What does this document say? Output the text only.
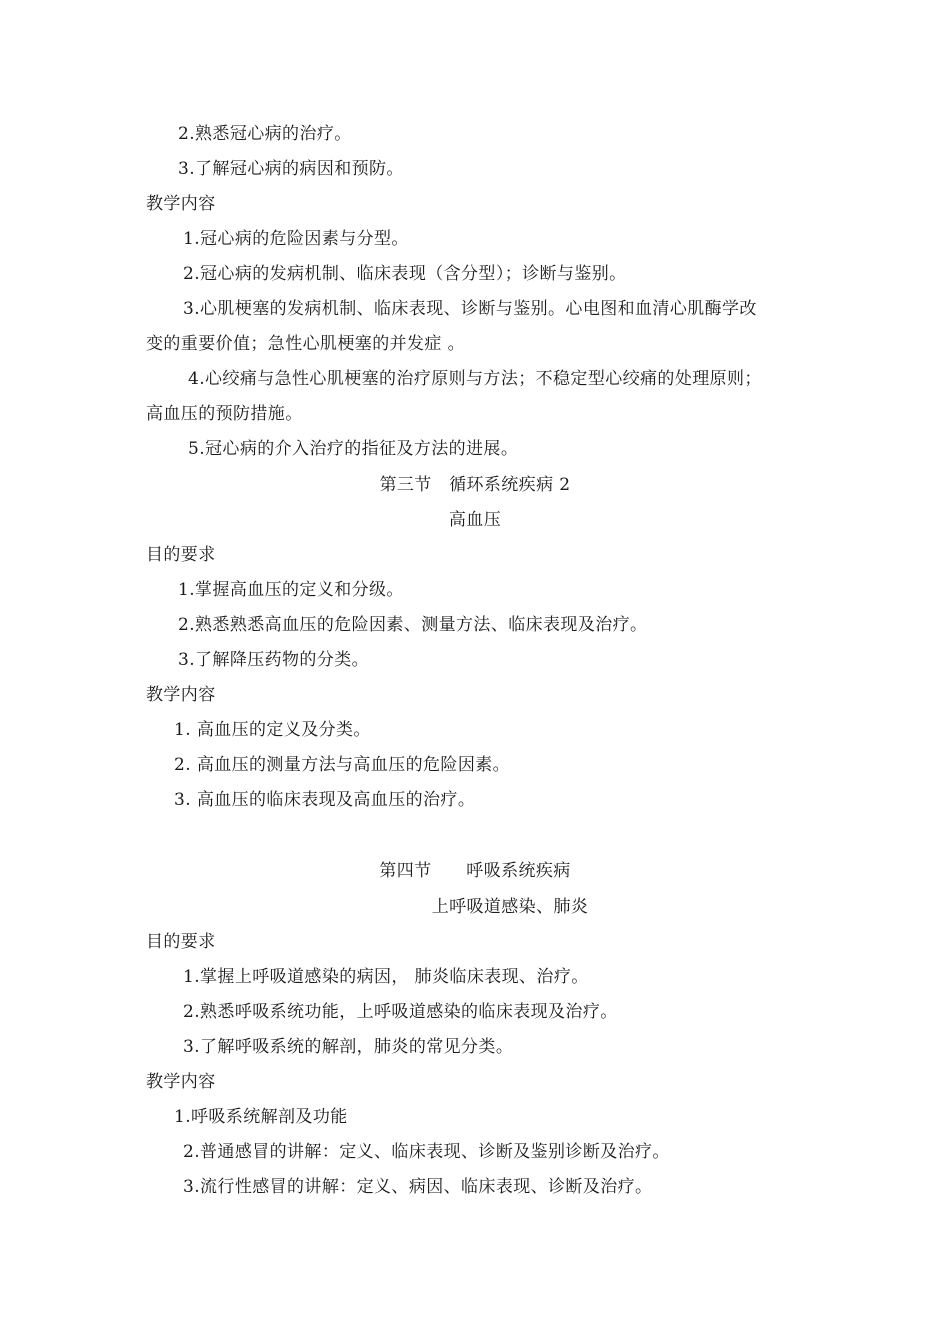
2.熟悉冠心病的治疗。
3.了解冠心病的病因和预防。
教学内容
1.冠心病的危险因素与分型。
2.冠心病的发病机制、临床表现（含分型）；诊断与鉴别。
3.心肌梗塞的发病机制、临床表现、诊断与鉴别。心电图和血清心肌酶学改
变的重要价值；急性心肌梗塞的并发症 。
4.心绞痛与急性心肌梗塞的治疗原则与方法；不稳定型心绞痛的处理原则；
高血压的预防措施。
5.冠心病的介入治疗的指征及方法的进展。
第三节　循环系统疾病 2
高血压
目的要求
1.掌握高血压的定义和分级。
2.熟悉熟悉高血压的危险因素、测量方法、临床表现及治疗。
3.了解降压药物的分类。
教学内容
1. 高血压的定义及分类。
2. 高血压的测量方法与高血压的危险因素。
3. 高血压的临床表现及高血压的治疗。
第四节　　呼吸系统疾病
上呼吸道感染、肺炎
目的要求
1.掌握上呼吸道感染的病因， 肺炎临床表现、治疗。
2.熟悉呼吸系统功能，上呼吸道感染的临床表现及治疗。
3.了解呼吸系统的解剖，肺炎的常见分类。
教学内容
1.呼吸系统解剖及功能
2.普通感冒的讲解：定义、临床表现、诊断及鉴别诊断及治疗。
3.流行性感冒的讲解：定义、病因、临床表现、诊断及治疗。
